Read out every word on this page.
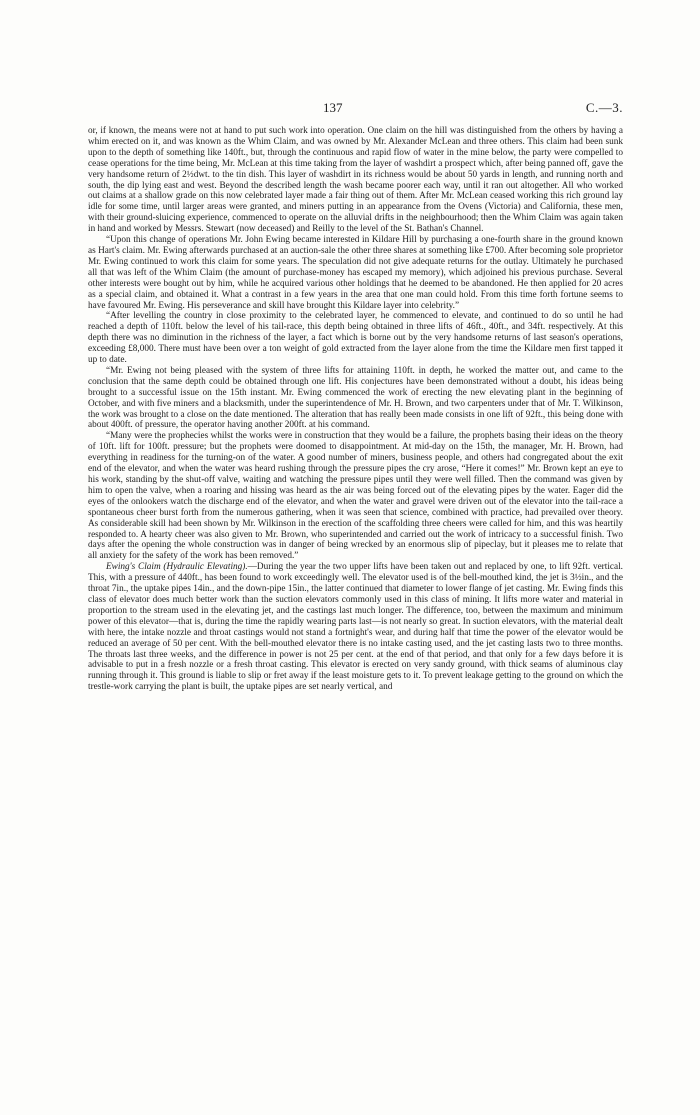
137	C.—3.

or, if known, the means were not at hand to put such work into operation. One claim on the hill was distinguished from the others by having a whim erected on it, and was known as the Whim Claim, and was owned by Mr. Alexander McLean and three others. This claim had been sunk upon to the depth of something like 140ft., but, through the continuous and rapid flow of water in the mine below, the party were compelled to cease operations for the time being, Mr. McLean at this time taking from the layer of washdirt a prospect which, after being panned off, gave the very handsome return of 2½dwt. to the tin dish. This layer of washdirt in its richness would be about 50 yards in length, and running north and south, the dip lying east and west. Beyond the described length the wash became poorer each way, until it ran out altogether. All who worked out claims at a shallow grade on this now celebrated layer made a fair thing out of them. After Mr. McLean ceased working this rich ground lay idle for some time, until larger areas were granted, and miners putting in an appearance from the Ovens (Victoria) and California, these men, with their ground-sluicing experience, commenced to operate on the alluvial drifts in the neighbourhood; then the Whim Claim was again taken in hand and worked by Messrs. Stewart (now deceased) and Reilly to the level of the St. Bathan's Channel.

“Upon this change of operations Mr. John Ewing became interested in Kildare Hill by purchasing a one-fourth share in the ground known as Hart's claim. Mr. Ewing afterwards purchased at an auction-sale the other three shares at something like £700. After becoming sole proprietor Mr. Ewing continued to work this claim for some years. The speculation did not give adequate returns for the outlay. Ultimately he purchased all that was left of the Whim Claim (the amount of purchase-money has escaped my memory), which adjoined his previous purchase. Several other interests were bought out by him, while he acquired various other holdings that he deemed to be abandoned. He then applied for 20 acres as a special claim, and obtained it. What a contrast in a few years in the area that one man could hold. From this time forth fortune seems to have favoured Mr. Ewing. His perseverance and skill have brought this Kildare layer into celebrity.”

“After levelling the country in close proximity to the celebrated layer, he commenced to elevate, and continued to do so until he had reached a depth of 110ft. below the level of his tail-race, this depth being obtained in three lifts of 46ft., 40ft., and 34ft. respectively. At this depth there was no diminution in the richness of the layer, a fact which is borne out by the very handsome returns of last season's operations, exceeding £8,000. There must have been over a ton weight of gold extracted from the layer alone from the time the Kildare men first tapped it up to date.

“Mr. Ewing not being pleased with the system of three lifts for attaining 110ft. in depth, he worked the matter out, and came to the conclusion that the same depth could be obtained through one lift. His conjectures have been demonstrated without a doubt, his ideas being brought to a successful issue on the 15th instant. Mr. Ewing commenced the work of erecting the new elevating plant in the beginning of October, and with five miners and a blacksmith, under the superintendence of Mr. H. Brown, and two carpenters under that of Mr. T. Wilkinson, the work was brought to a close on the date mentioned. The alteration that has really been made consists in one lift of 92ft., this being done with about 400ft. of pressure, the operator having another 200ft. at his command.

“Many were the prophecies whilst the works were in construction that they would be a failure, the prophets basing their ideas on the theory of 10ft. lift for 100ft. pressure; but the prophets were doomed to disappointment. At mid-day on the 15th, the manager, Mr. H. Brown, had everything in readiness for the turning-on of the water. A good number of miners, business people, and others had congregated about the exit end of the elevator, and when the water was heard rushing through the pressure pipes the cry arose, “Here it comes!” Mr. Brown kept an eye to his work, standing by the shut-off valve, waiting and watching the pressure pipes until they were well filled. Then the command was given by him to open the valve, when a roaring and hissing was heard as the air was being forced out of the elevating pipes by the water. Eager did the eyes of the onlookers watch the discharge end of the elevator, and when the water and gravel were driven out of the elevator into the tail-race a spontaneous cheer burst forth from the numerous gathering, when it was seen that science, combined with practice, had prevailed over theory. As considerable skill had been shown by Mr. Wilkinson in the erection of the scaffolding three cheers were called for him, and this was heartily responded to. A hearty cheer was also given to Mr. Brown, who superintended and carried out the work of intricacy to a successful finish. Two days after the opening the whole construction was in danger of being wrecked by an enormous slip of pipeclay, but it pleases me to relate that all anxiety for the safety of the work has been removed.”

Ewing's Claim (Hydraulic Elevating).—During the year the two upper lifts have been taken out and replaced by one, to lift 92ft. vertical. This, with a pressure of 440ft., has been found to work exceedingly well. The elevator used is of the bell-mouthed kind, the jet is 3½in., and the throat 7in., the uptake pipes 14in., and the down-pipe 15in., the latter continued that diameter to lower flange of jet casting. Mr. Ewing finds this class of elevator does much better work than the suction elevators commonly used in this class of mining. It lifts more water and material in proportion to the stream used in the elevating jet, and the castings last much longer. The difference, too, between the maximum and minimum power of this elevator—that is, during the time the rapidly wearing parts last—is not nearly so great. In suction elevators, with the material dealt with here, the intake nozzle and throat castings would not stand a fortnight's wear, and during half that time the power of the elevator would be reduced an average of 50 per cent. With the bell-mouthed elevator there is no intake casting used, and the jet casting lasts two to three months. The throats last three weeks, and the difference in power is not 25 per cent. at the end of that period, and that only for a few days before it is advisable to put in a fresh nozzle or a fresh throat casting. This elevator is erected on very sandy ground, with thick seams of aluminous clay running through it. This ground is liable to slip or fret away if the least moisture gets to it. To prevent leakage getting to the ground on which the trestle-work carrying the plant is built, the uptake pipes are set nearly vertical, and
